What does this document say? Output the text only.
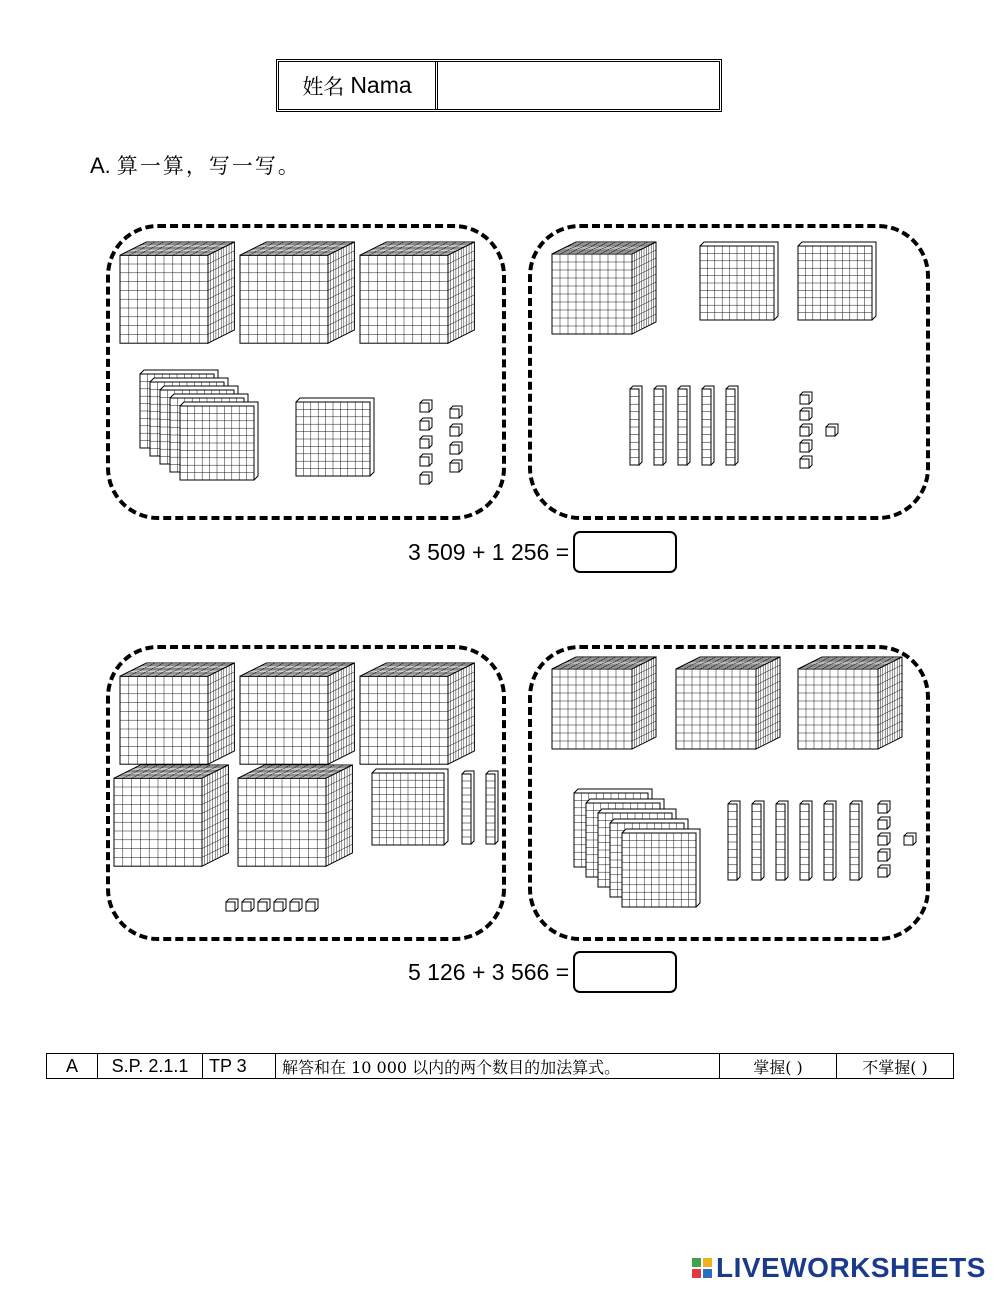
姓名 Nama
A. 算一算，写一写。
3 509 + 1 256 =
5 126 + 3 566 =
A	S.P. 2.1.1	TP 3	解答和在 10 000 以内的两个数目的加法算式。	掌握( )	不掌握( )
LIVEWORKSHEETS
